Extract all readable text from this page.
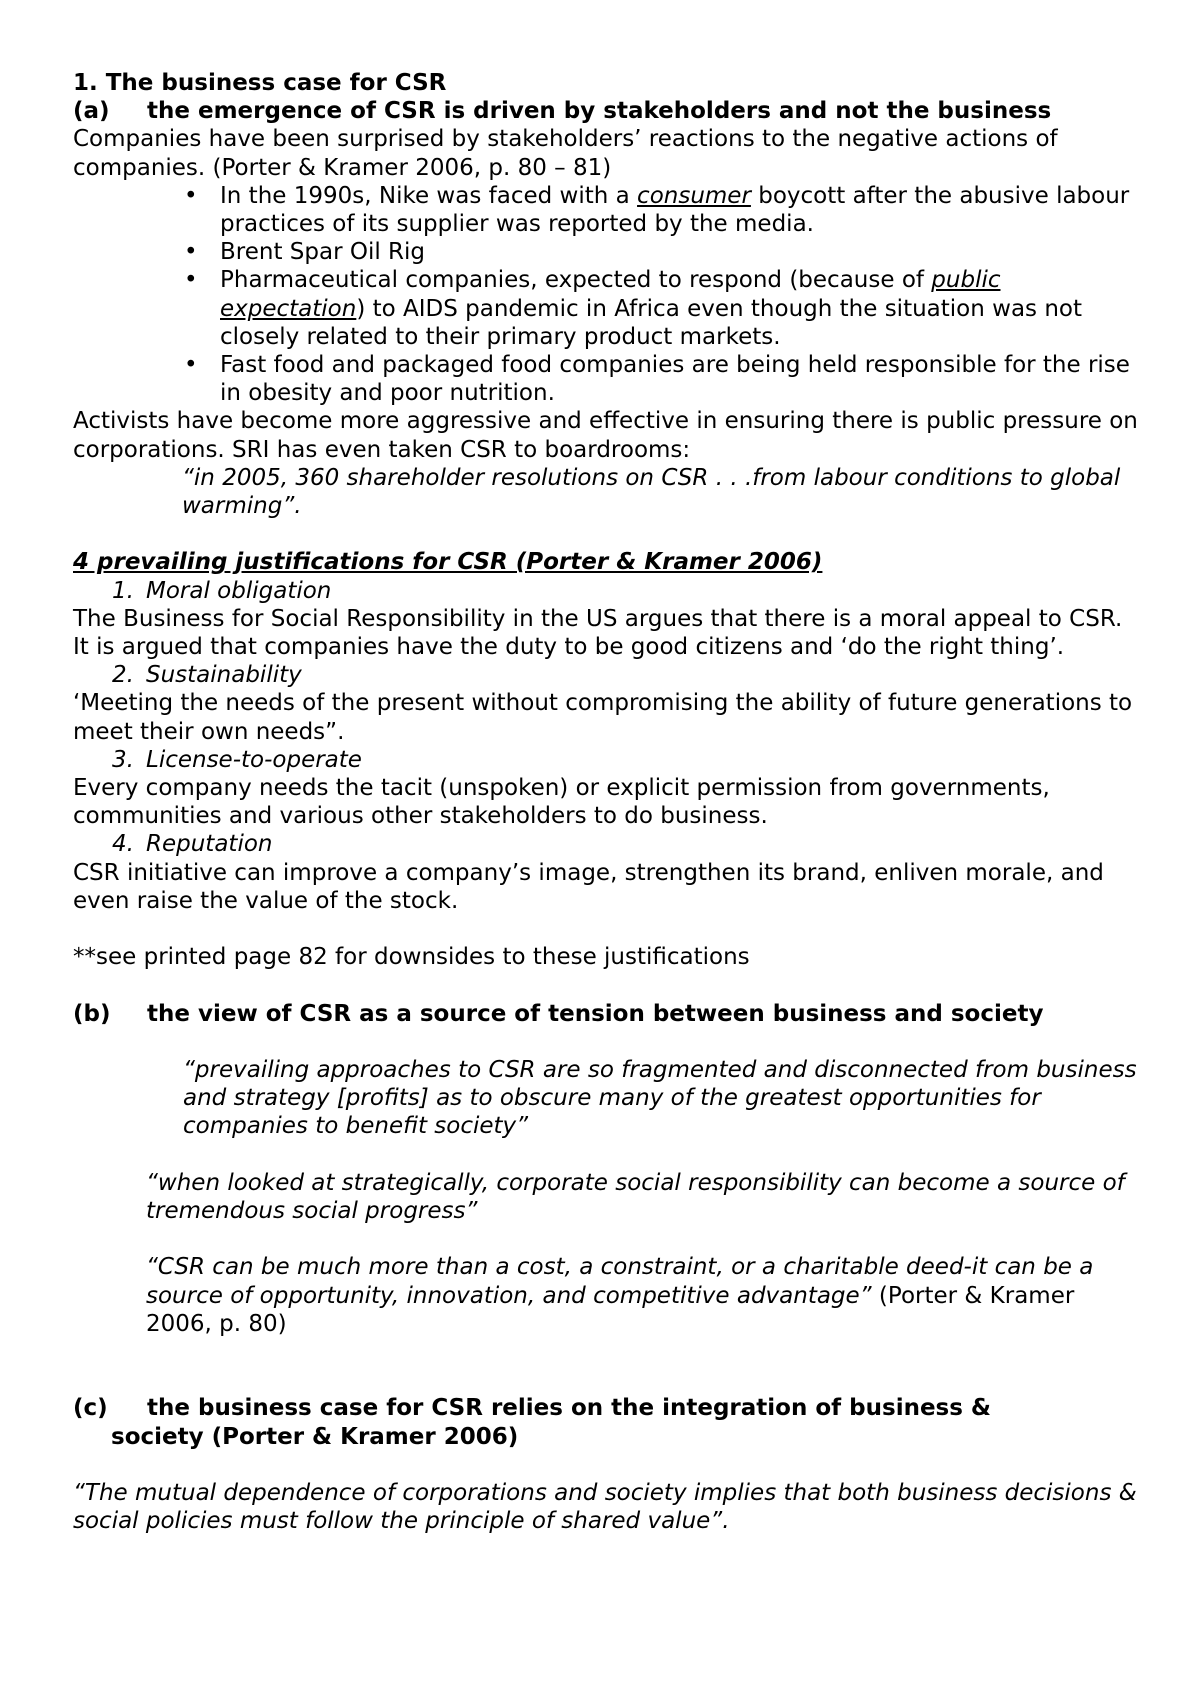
1. The business case for CSR

(a) the emergence of CSR is driven by stakeholders and not the business

Companies have been surprised by stakeholders’ reactions to the negative actions of companies. (Porter & Kramer 2006, p. 80 – 81)

• In the 1990s, Nike was faced with a consumer boycott after the abusive labour practices of its supplier was reported by the media.
• Brent Spar Oil Rig
• Pharmaceutical companies, expected to respond (because of public expectation) to AIDS pandemic in Africa even though the situation was not closely related to their primary product markets.
• Fast food and packaged food companies are being held responsible for the rise in obesity and poor nutrition.

Activists have become more aggressive and effective in ensuring there is public pressure on corporations. SRI has even taken CSR to boardrooms:

“in 2005, 360 shareholder resolutions on CSR . . .from labour conditions to global warming”.

4 prevailing justifications for CSR (Porter & Kramer 2006)

1. Moral obligation

The Business for Social Responsibility in the US argues that there is a moral appeal to CSR. It is argued that companies have the duty to be good citizens and ‘do the right thing’.

2. Sustainability

‘Meeting the needs of the present without compromising the ability of future generations to meet their own needs”.

3. License-to-operate

Every company needs the tacit (unspoken) or explicit permission from governments, communities and various other stakeholders to do business.

4. Reputation

CSR initiative can improve a company’s image, strengthen its brand, enliven morale, and even raise the value of the stock.

**see printed page 82 for downsides to these justifications

(b) the view of CSR as a source of tension between business and society

“prevailing approaches to CSR are so fragmented and disconnected from business and strategy [profits] as to obscure many of the greatest opportunities for companies to benefit society”

“when looked at strategically, corporate social responsibility can become a source of tremendous social progress”

“CSR can be much more than a cost, a constraint, or a charitable deed-it can be a source of opportunity, innovation, and competitive advantage” (Porter & Kramer 2006, p. 80)

(c) the business case for CSR relies on the integration of business &

society (Porter & Kramer 2006)

“The mutual dependence of corporations and society implies that both business decisions &

social policies must follow the principle of shared value”.
